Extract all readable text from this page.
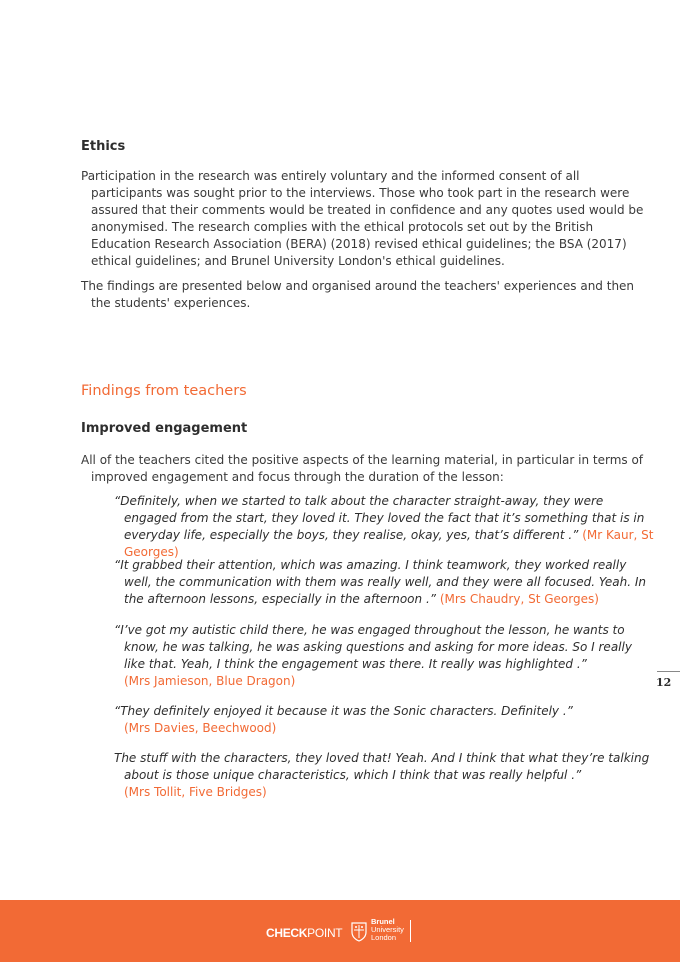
Ethics

Participation in the research was entirely voluntary and the informed consent of all participants was sought prior to the interviews. Those who took part in the research were assured that their comments would be treated in confidence and any quotes used would be anonymised. The research complies with the ethical protocols set out by the British Education Research Association (BERA) (2018) revised ethical guidelines; the BSA (2017) ethical guidelines; and Brunel University London's ethical guidelines.

The findings are presented below and organised around the teachers' experiences and then the students' experiences.

Findings from teachers
Improved engagement

All of the teachers cited the positive aspects of the learning material, in particular in terms of improved engagement and focus through the duration of the lesson:

“Definitely, when we started to talk about the character straight-away, they were engaged from the start, they loved it. They loved the fact that it’s something that is in everyday life, especially the boys, they realise, okay, yes, that’s different .” (Mr Kaur, St Georges)

“It grabbed their attention, which was amazing. I think teamwork, they worked really well, the communication with them was really well, and they were all focused. Yeah. In the afternoon lessons, especially in the afternoon .” (Mrs Chaudry, St Georges)

“I’ve got my autistic child there, he was engaged throughout the lesson, he wants to know, he was talking, he was asking questions and asking for more ideas. So I really like that. Yeah, I think the engagement was there. It really was highlighted .”
(Mrs Jamieson, Blue Dragon)

“They definitely enjoyed it because it was the Sonic characters. Definitely .”
(Mrs Davies, Beechwood)

The stuff with the characters, they loved that! Yeah. And I think that what they’re talking about is those unique characteristics, which I think that was really helpful .”
(Mrs Tollit, Five Bridges)

12
CHECKPOINT
Brunel
University
London
